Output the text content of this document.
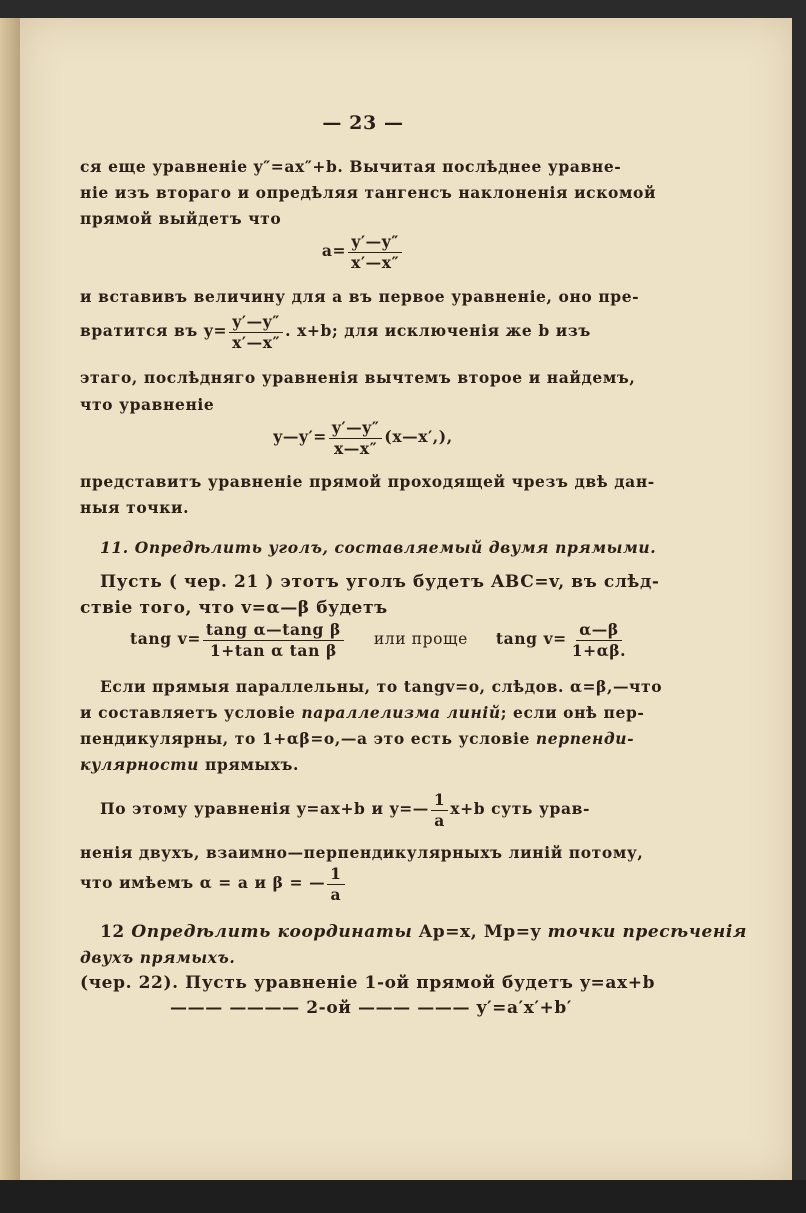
— 23 —
ся еще уравненіе y″=ax″+b. Вычитая послѣднее уравне-
ніе изъ втораго и опредѣляя тангенсъ наклоненія искомой
прямой выйдетъ что
$a= \frac{y'—y''}{x'—x''}$
и вставивъ величину для a въ первое уравненіе, оно пре-
вратится въ $y= \frac{y'—y''}{x'—x''}$ . x+b; для исключенія же b изъ
этаго, послѣдняго уравненія вычтемъ второе и найдемъ,
что уравненіе
y—y′= $\frac{y'—y''}{x—x''}$ (x—x′,),
представитъ уравненіе прямой проходящей чрезъ двѣ дан-
ныя точки.
11. Опредѣлить уголъ, составляемый двумя прямыми.
Пусть ( чер. 21 ) этотъ уголъ будетъ ABC=v, въ слѣд-
ствіе того, что v=α—β будетъ
tang $v= \frac{\text{tang α—tang β}}{\text{1+tan α tan β}}$ или проще tang $v= \frac{\alpha—\beta}{1+\alpha\beta.}$
Если прямыя параллельны, то tangv=o, слѣдов. α=β,—что
и составляетъ условіе параллелизма линій; если онѣ пер-
пендикулярны, то 1+αβ=o,—а это есть условіе перпенди-
кулярности прямыхъ.
По этому уравненія y=ax+b и y=— $\frac{1}{a} x+b$ суть урав-
ненія двухъ, взаимно—перпендикулярныхъ линій потому,
что имѣемъ α = a и β = — $\frac{1}{a}$
12 Опредѣлить координаты Ap=x, Mp=y точки пресѣченія
двухъ прямыхъ.
(чер. 22). Пусть уравненіе 1-ой прямой будетъ y=ax+b
——— ———— 2-ой ——— ——— y′=a′x′+b′
